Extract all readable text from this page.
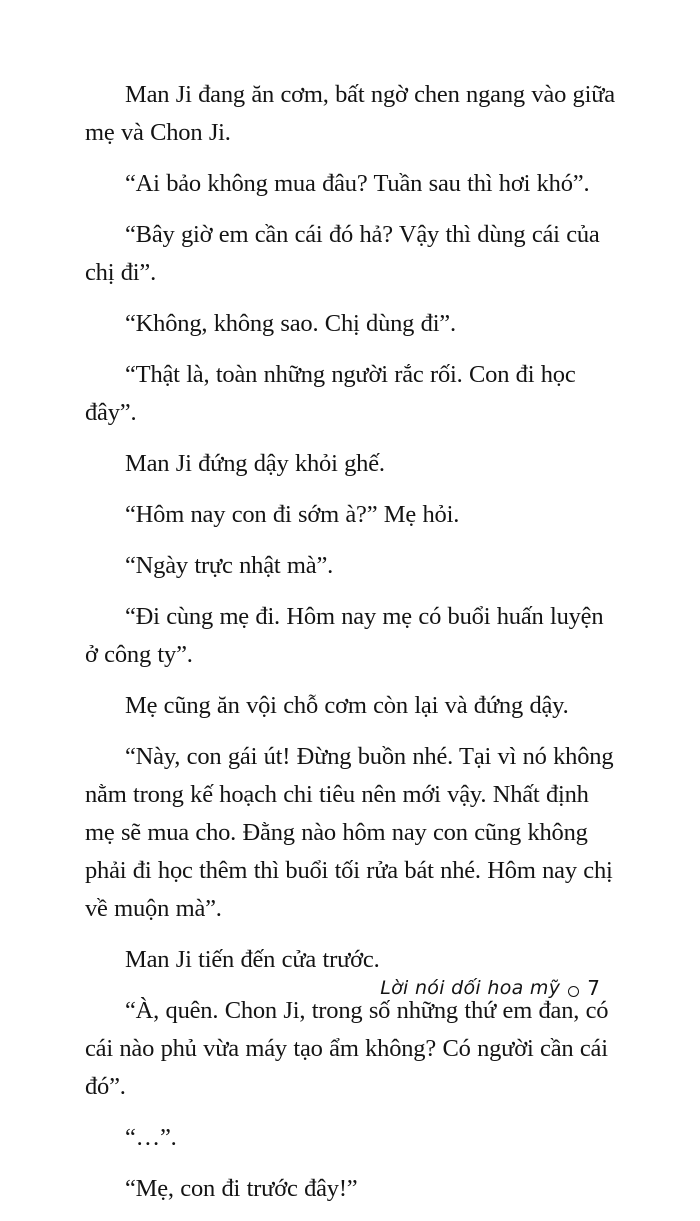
Man Ji đang ăn cơm, bất ngờ chen ngang vào giữa mẹ và Chon Ji.

“Ai bảo không mua đâu? Tuần sau thì hơi khó”.

“Bây giờ em cần cái đó hả? Vậy thì dùng cái của chị đi”.

“Không, không sao. Chị dùng đi”.

“Thật là, toàn những người rắc rối. Con đi học đây”.

Man Ji đứng dậy khỏi ghế.

“Hôm nay con đi sớm à?” Mẹ hỏi.

“Ngày trực nhật mà”.

“Đi cùng mẹ đi. Hôm nay mẹ có buổi huấn luyện ở công ty”.

Mẹ cũng ăn vội chỗ cơm còn lại và đứng dậy.

“Này, con gái út! Đừng buồn nhé. Tại vì nó không nằm trong kế hoạch chi tiêu nên mới vậy. Nhất định mẹ sẽ mua cho. Đằng nào hôm nay con cũng không phải đi học thêm thì buổi tối rửa bát nhé. Hôm nay chị về muộn mà”.

Man Ji tiến đến cửa trước.

“À, quên. Chon Ji, trong số những thứ em đan, có cái nào phủ vừa máy tạo ẩm không? Có người cần cái đó”.

“…”.

“Mẹ, con đi trước đây!”

Lời nói dối hoa mỹ 7
